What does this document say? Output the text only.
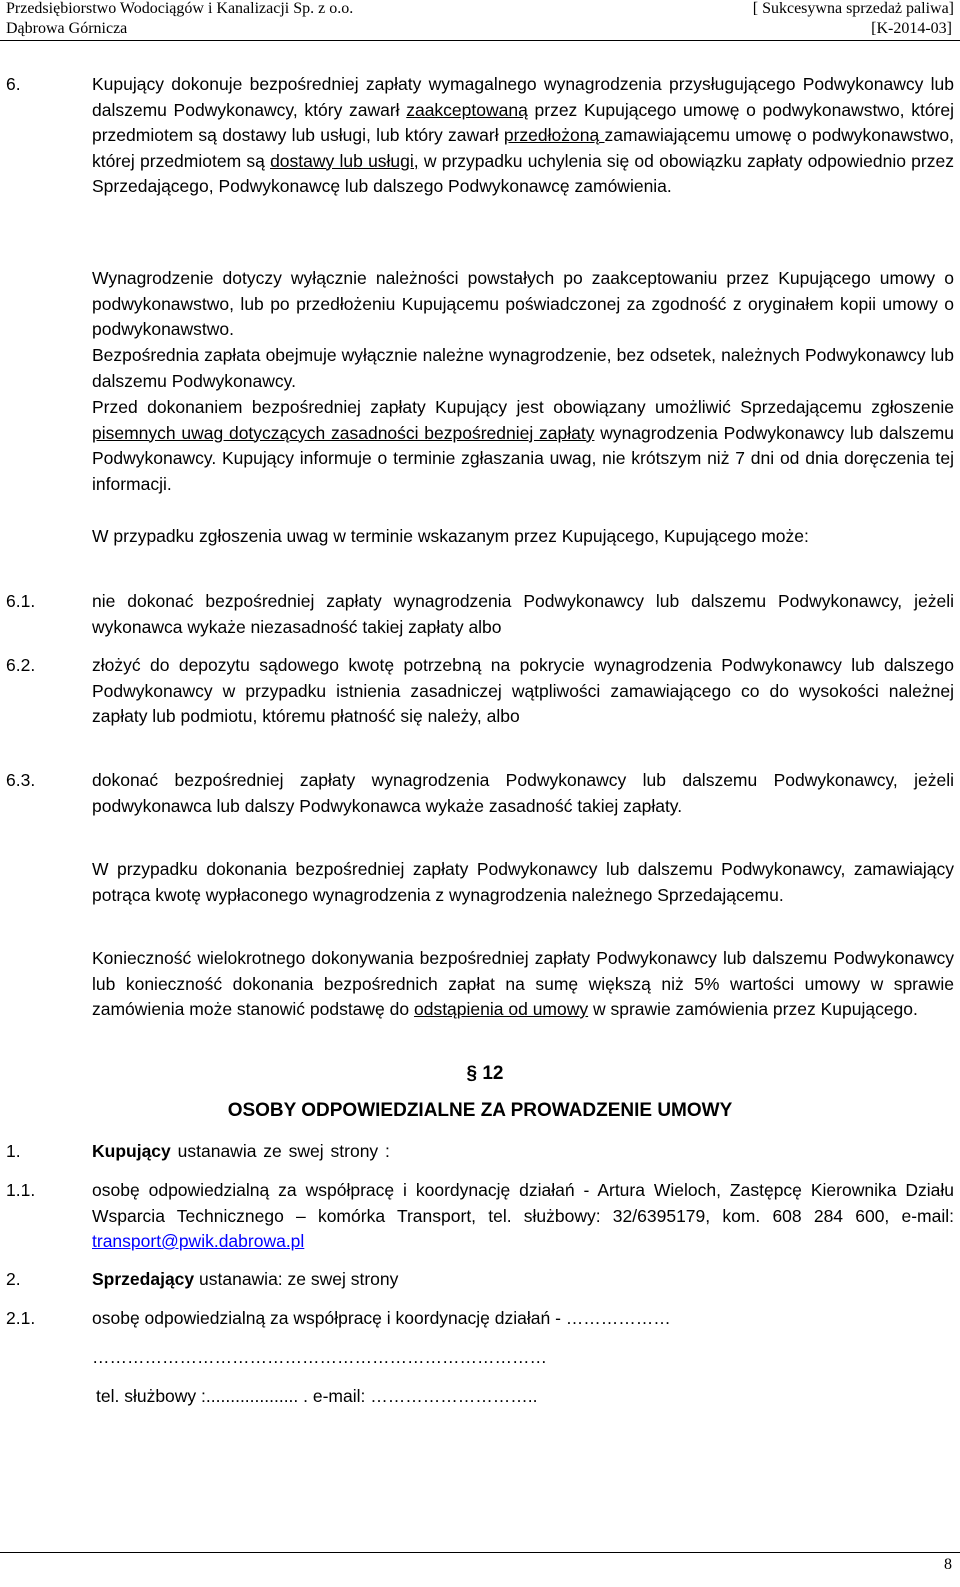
Przedsiębiorstwo Wodociągów i Kanalizacji Sp. z o.o.
Dąbrowa Górnicza
[ Sukcesywna sprzedaż paliwa]
[K-2014-03]
6.	Kupujący dokonuje bezpośredniej zapłaty wymagalnego wynagrodzenia przysługującego Podwykonawcy lub dalszemu Podwykonawcy, który zawarł zaakceptowaną przez Kupującego umowę o podwykonawstwo, której przedmiotem są dostawy lub usługi, lub który zawarł przedłożoną zamawiającemu umowę o podwykonawstwo, której przedmiotem są dostawy lub usługi, w przypadku uchylenia się od obowiązku zapłaty odpowiednio przez Sprzedającego, Podwykonawcę lub dalszego Podwykonawcę zamówienia.

Wynagrodzenie dotyczy wyłącznie należności powstałych po zaakceptowaniu przez Kupującego umowy o podwykonawstwo, lub po przedłożeniu Kupującemu poświadczonej za zgodność z oryginałem kopii umowy o podwykonawstwo.

Bezpośrednia zapłata obejmuje wyłącznie należne wynagrodzenie, bez odsetek, należnych Podwykonawcy lub dalszemu Podwykonawcy.

Przed dokonaniem bezpośredniej zapłaty Kupujący jest obowiązany umożliwić Sprzedającemu zgłoszenie pisemnych uwag dotyczących zasadności bezpośredniej zapłaty wynagrodzenia Podwykonawcy lub dalszemu Podwykonawcy. Kupujący informuje o terminie zgłaszania uwag, nie krótszym niż 7 dni od dnia doręczenia tej informacji.

W przypadku zgłoszenia uwag w terminie wskazanym przez Kupującego, Kupującego może:

6.1.	nie dokonać bezpośredniej zapłaty wynagrodzenia Podwykonawcy lub dalszemu Podwykonawcy, jeżeli wykonawca wykaże niezasadność takiej zapłaty albo

6.2.	złożyć do depozytu sądowego kwotę potrzebną na pokrycie wynagrodzenia Podwykonawcy lub dalszego Podwykonawcy w przypadku istnienia zasadniczej wątpliwości zamawiającego co do wysokości należnej zapłaty lub podmiotu, któremu płatność się należy, albo

6.3.	dokonać bezpośredniej zapłaty wynagrodzenia Podwykonawcy lub dalszemu Podwykonawcy, jeżeli podwykonawca lub dalszy Podwykonawca wykaże zasadność takiej zapłaty.

W przypadku dokonania bezpośredniej zapłaty Podwykonawcy lub dalszemu Podwykonawcy, zamawiający potrąca kwotę wypłaconego wynagrodzenia z wynagrodzenia należnego Sprzedającemu.

Konieczność wielokrotnego dokonywania bezpośredniej zapłaty Podwykonawcy lub dalszemu Podwykonawcy lub konieczność dokonania bezpośrednich zapłat na sumę większą niż 5% wartości umowy w sprawie zamówienia może stanowić podstawę do odstąpienia od umowy w sprawie zamówienia przez Kupującego.

§ 12
OSOBY ODPOWIEDZIALNE ZA PROWADZENIE UMOWY
1.	Kupujący ustanawia ze swej strony :

1.1.	osobę odpowiedzialną za współpracę i koordynację działań - Artura Wieloch, Zastępcę Kierownika Działu Wsparcia Technicznego – komórka Transport, tel. służbowy: 32/6395179, kom. 608 284 600, e-mail: transport@pwik.dabrowa.pl

2.	Sprzedający ustanawia: ze swej strony

2.1.	osobę odpowiedzialną za współpracę i koordynację działań - ………………
……………………………………………………………………
tel. służbowy :................... . e-mail: ………………………..
8
